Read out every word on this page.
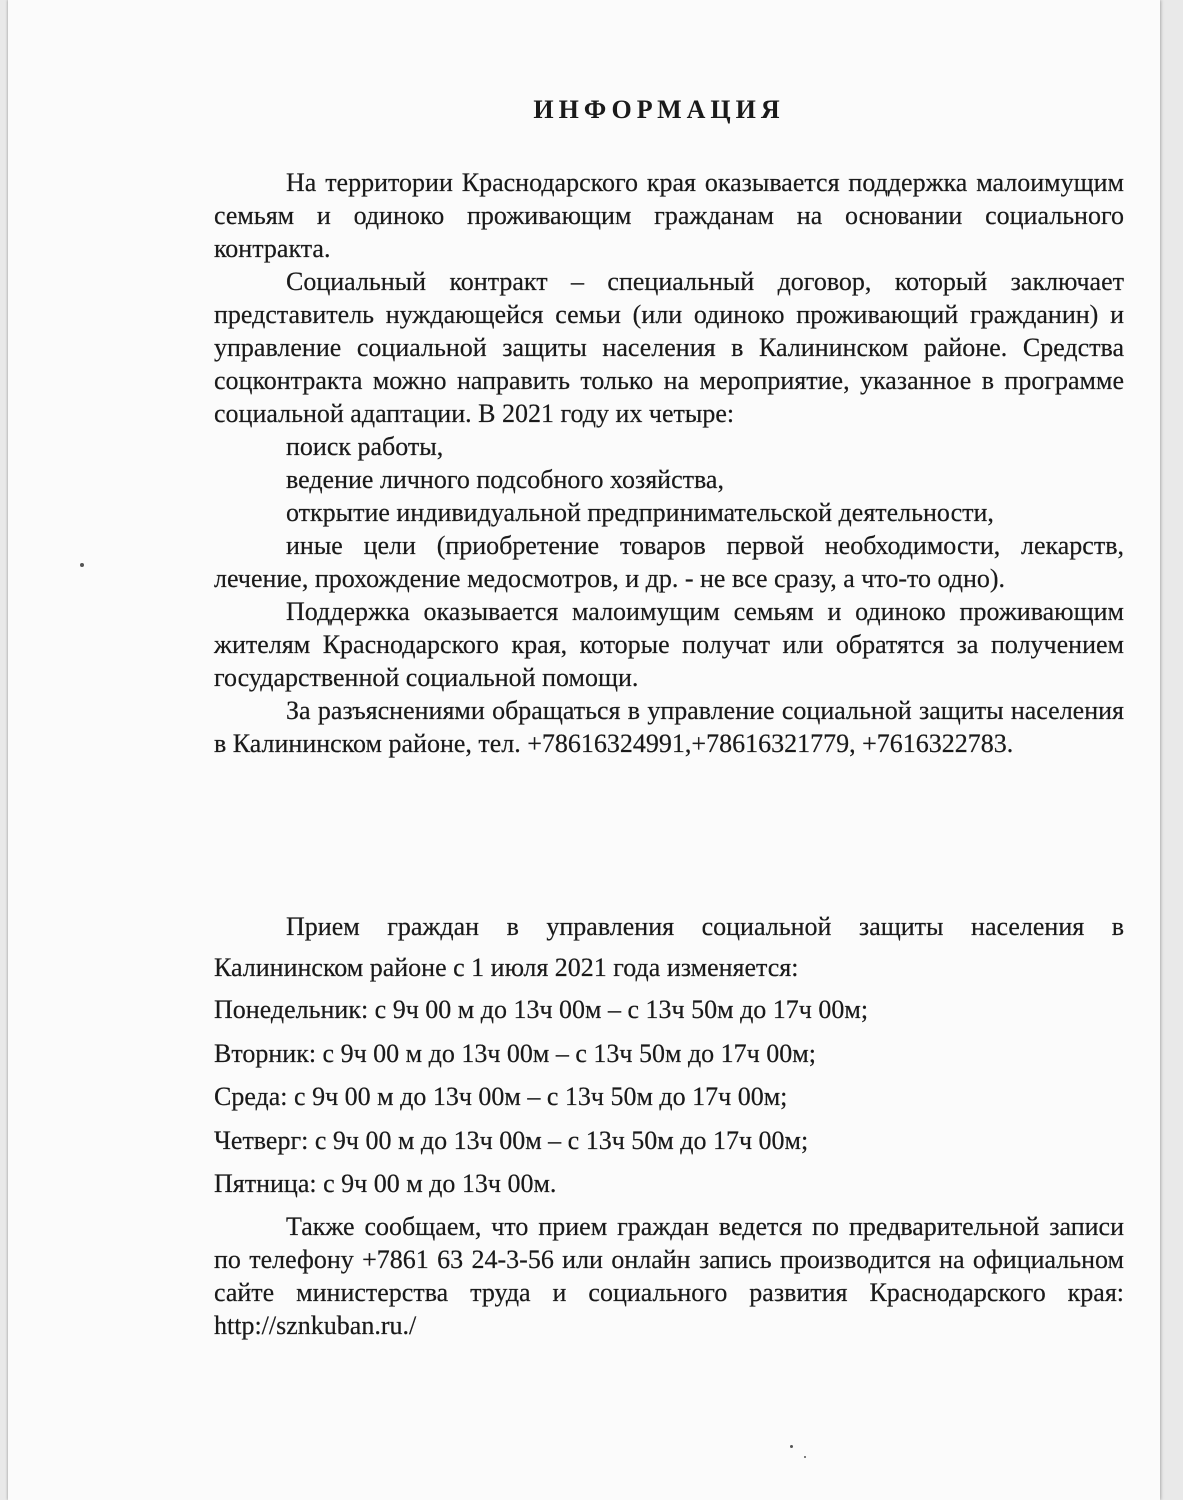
ИНФОРМАЦИЯ

На территории Краснодарского края оказывается поддержка малоимущим семьям и одиноко проживающим гражданам на основании социального контракта.

Социальный контракт – специальный договор, который заключает представитель нуждающейся семьи (или одиноко проживающий гражданин) и управление социальной защиты населения в Калининском районе. Средства соцконтракта можно направить только на мероприятие, указанное в программе социальной адаптации. В 2021 году их четыре:

поиск работы,

ведение личного подсобного хозяйства,

открытие индивидуальной предпринимательской деятельности,

иные цели (приобретение товаров первой необходимости, лекарств, лечение, прохождение медосмотров, и др. - не все сразу, а что-то одно).

Поддержка оказывается малоимущим семьям и одиноко проживающим жителям Краснодарского края, которые получат или обратятся за получением государственной социальной помощи.

За разъяснениями обращаться в управление социальной защиты населения в Калининском районе, тел. +78616324991,+78616321779, +7616322783.

Прием граждан в управления социальной защиты населения в Калининском районе с 1 июля 2021 года изменяется:

Понедельник: с 9ч 00 м до 13ч 00м – с 13ч 50м до 17ч 00м;

Вторник: с 9ч 00 м до 13ч 00м – с 13ч 50м до 17ч 00м;

Среда: с 9ч 00 м до 13ч 00м – с 13ч 50м до 17ч 00м;

Четверг: с 9ч 00 м до 13ч 00м – с 13ч 50м до 17ч 00м;

Пятница: с 9ч 00 м до 13ч 00м.

Также сообщаем, что прием граждан ведется по предварительной записи по телефону +7861 63 24-3-56 или онлайн запись производится на официальном сайте министерства труда и социального развития Краснодарского края: http://sznkuban.ru./
